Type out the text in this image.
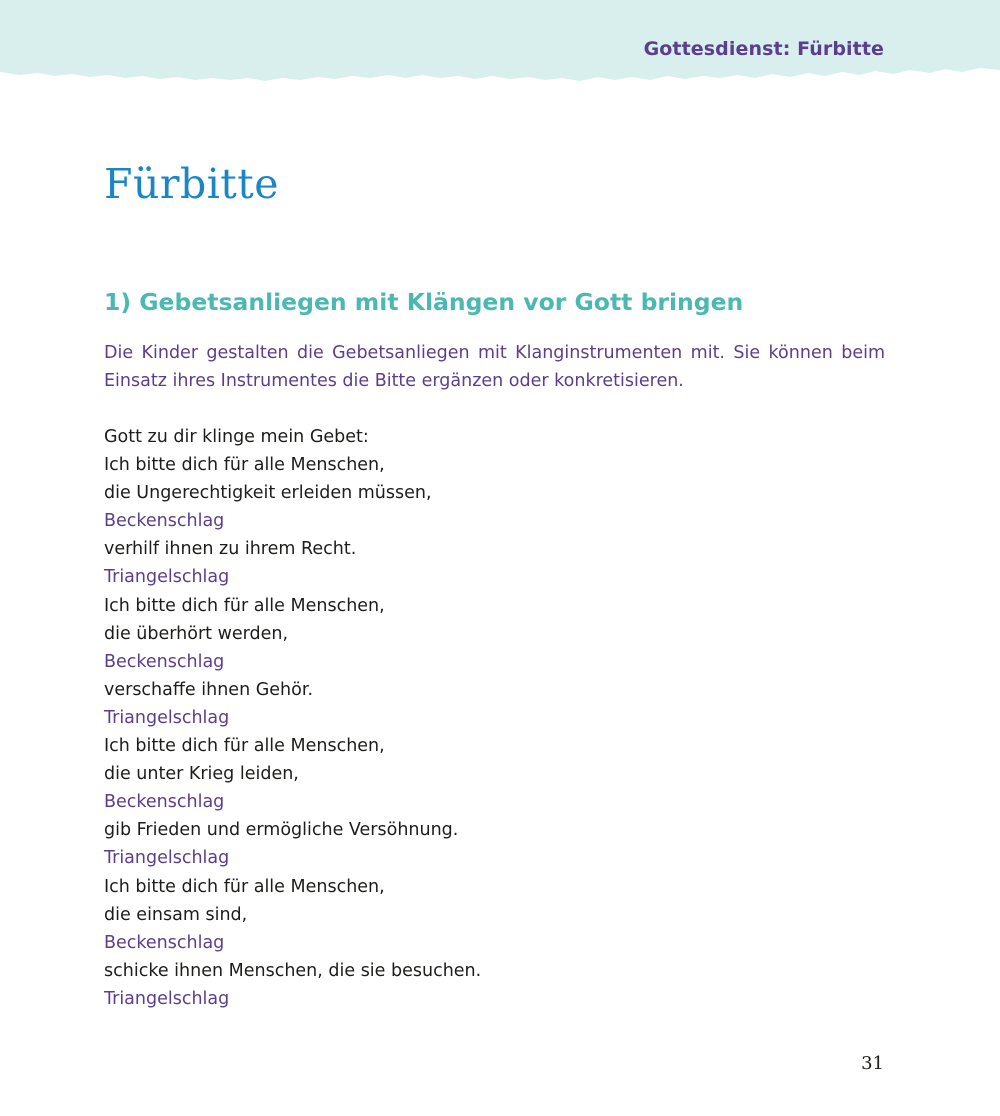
Gottesdienst: Fürbitte
Fürbitte
1) Gebetsanliegen mit Klängen vor Gott bringen

Die Kinder gestalten die Gebetsanliegen mit Klanginstrumenten mit. Sie können beim Einsatz ihres Instrumentes die Bitte ergänzen oder konkretisieren.

Gott zu dir klinge mein Gebet:
Ich bitte dich für alle Menschen,
die Ungerechtigkeit erleiden müssen,
Beckenschlag
verhilf ihnen zu ihrem Recht.
Triangelschlag
Ich bitte dich für alle Menschen,
die überhört werden,
Beckenschlag
verschaffe ihnen Gehör.
Triangelschlag
Ich bitte dich für alle Menschen,
die unter Krieg leiden,
Beckenschlag
gib Frieden und ermögliche Versöhnung.
Triangelschlag
Ich bitte dich für alle Menschen,
die einsam sind,
Beckenschlag
schicke ihnen Menschen, die sie besuchen.
Triangelschlag
31
